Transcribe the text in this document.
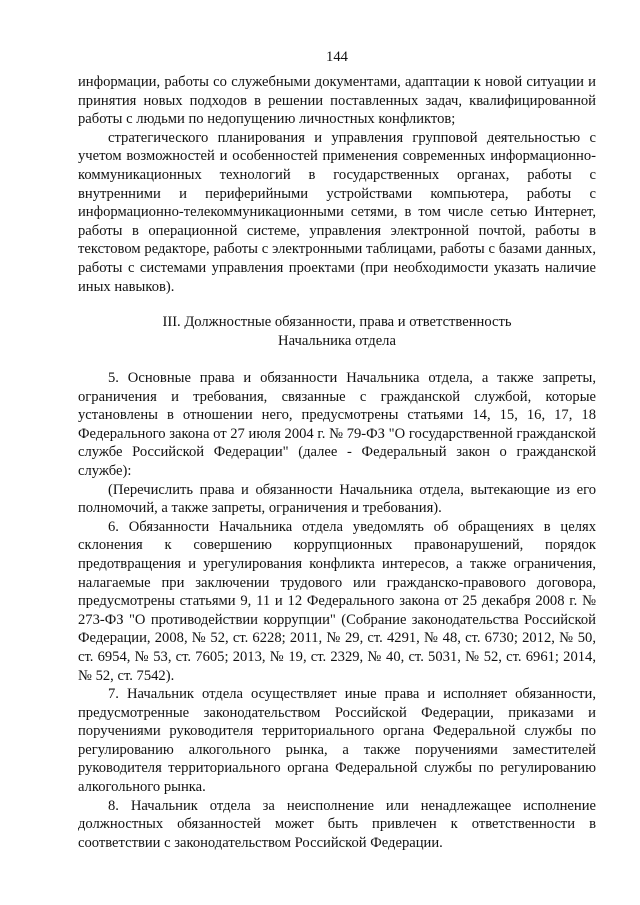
144

информации, работы со служебными документами, адаптации к новой ситуации и принятия новых подходов в решении поставленных задач, квалифицированной работы с людьми по недопущению личностных конфликтов;

стратегического планирования и управления групповой деятельностью с учетом возможностей и особенностей применения современных информационно-коммуникационных технологий в государственных органах, работы с внутренними и периферийными устройствами компьютера, работы с информационно-телекоммуникационными сетями, в том числе сетью Интернет, работы в операционной системе, управления электронной почтой, работы в текстовом редакторе, работы с электронными таблицами, работы с базами данных, работы с системами управления проектами (при необходимости указать наличие иных навыков).

III. Должностные обязанности, права и ответственность

Начальника отдела

5. Основные права и обязанности Начальника отдела, а также запреты, ограничения и требования, связанные с гражданской службой, которые установлены в отношении него, предусмотрены статьями 14, 15, 16, 17, 18 Федерального закона от 27 июля 2004 г. № 79-ФЗ "О государственной гражданской службе Российской Федерации" (далее - Федеральный закон о гражданской службе):

(Перечислить права и обязанности Начальника отдела, вытекающие из его полномочий, а также запреты, ограничения и требования).

6. Обязанности Начальника отдела уведомлять об обращениях в целях склонения к совершению коррупционных правонарушений, порядок предотвращения и урегулирования конфликта интересов, а также ограничения, налагаемые при заключении трудового или гражданско-правового договора, предусмотрены статьями 9, 11 и 12 Федерального закона от 25 декабря 2008 г. № 273-ФЗ "О противодействии коррупции" (Собрание законодательства Российской Федерации, 2008, № 52, ст. 6228; 2011, № 29, ст. 4291, № 48, ст. 6730; 2012, № 50, ст. 6954, № 53, ст. 7605; 2013, № 19, ст. 2329, № 40, ст. 5031, № 52, ст. 6961; 2014, № 52, ст. 7542).

7. Начальник отдела осуществляет иные права и исполняет обязанности, предусмотренные законодательством Российской Федерации, приказами и поручениями руководителя территориального органа Федеральной службы по регулированию алкогольного рынка, а также поручениями заместителей руководителя территориального органа Федеральной службы по регулированию алкогольного рынка.

8. Начальник отдела за неисполнение или ненадлежащее исполнение должностных обязанностей может быть привлечен к ответственности в соответствии с законодательством Российской Федерации.
